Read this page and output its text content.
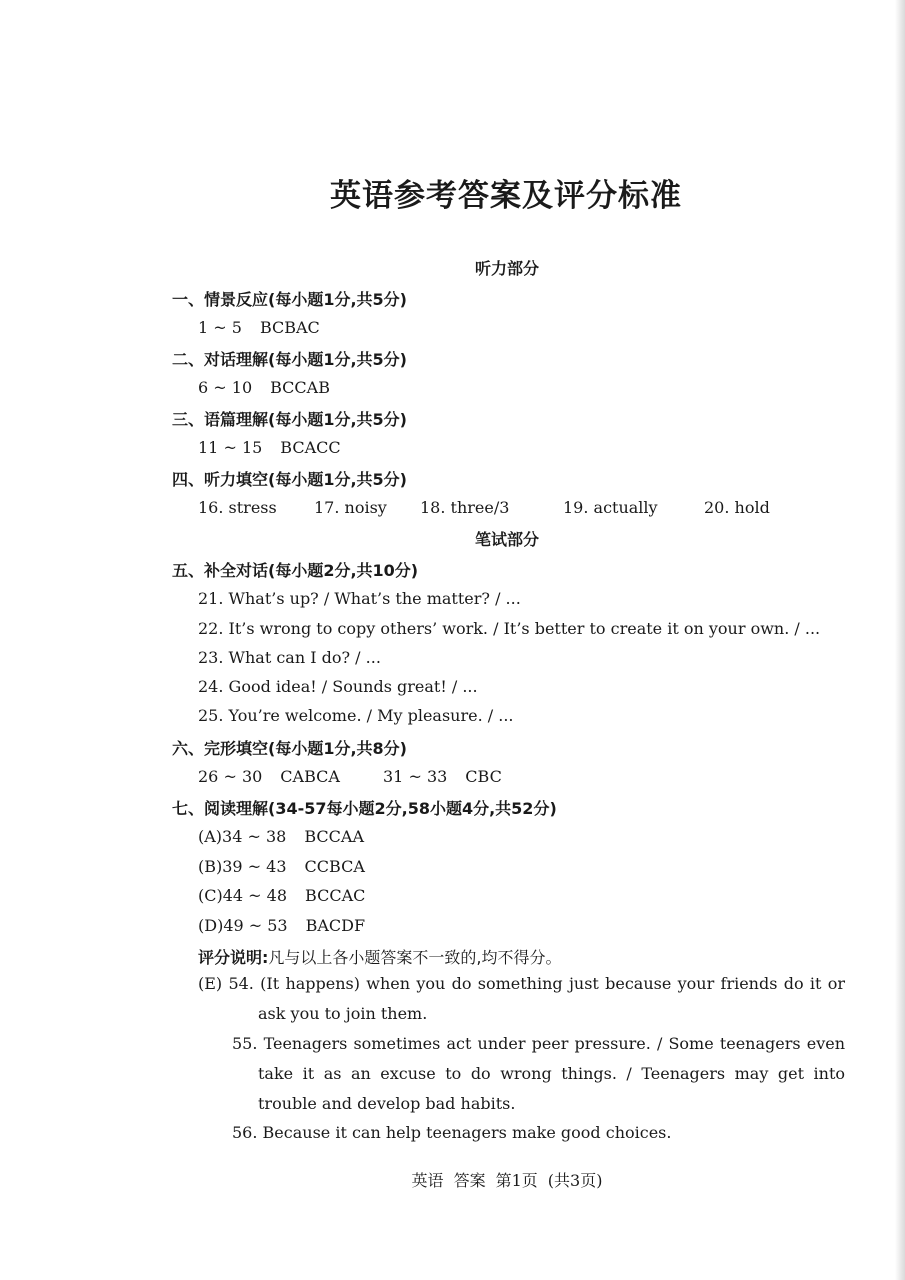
英语参考答案及评分标准
听力部分
一、情景反应(每小题1分,共5分)
1 ~ 5 BCBAC
二、对话理解(每小题1分,共5分)
6 ~ 10 BCCAB
三、语篇理解(每小题1分,共5分)
11 ~ 15 BCACC
四、听力填空(每小题1分,共5分)
16. stress 17. noisy 18. three/3	19. actually	20. hold
笔试部分
五、补全对话(每小题2分,共10分)
21. What’s up? / What’s the matter? / ...
22. It’s wrong to copy others’ work. / It’s better to create it on your own. / ...
23. What can I do? / ...
24. Good idea! / Sounds great! / ...
25. You’re welcome. / My pleasure. / ...
六、完形填空(每小题1分,共8分)
26 ~ 30 CABCA	31 ~ 33 CBC
七、阅读理解(34-57每小题2分,58小题4分,共52分)
(A)34 ~ 38 BCCAA
(B)39 ~ 43 CCBCA
(C)44 ~ 48 BCCAC
(D)49 ~ 53 BACDF
评分说明:凡与以上各小题答案不一致的,均不得分。
(E) 54. (It happens) when you do something just because your friends do it or ask you to join them.
55. Teenagers sometimes act under peer pressure. / Some teenagers even take it as an excuse to do wrong things. / Teenagers may get into trouble and develop bad habits.
56. Because it can help teenagers make good choices.
英语 答案 第1页 (共3页)
